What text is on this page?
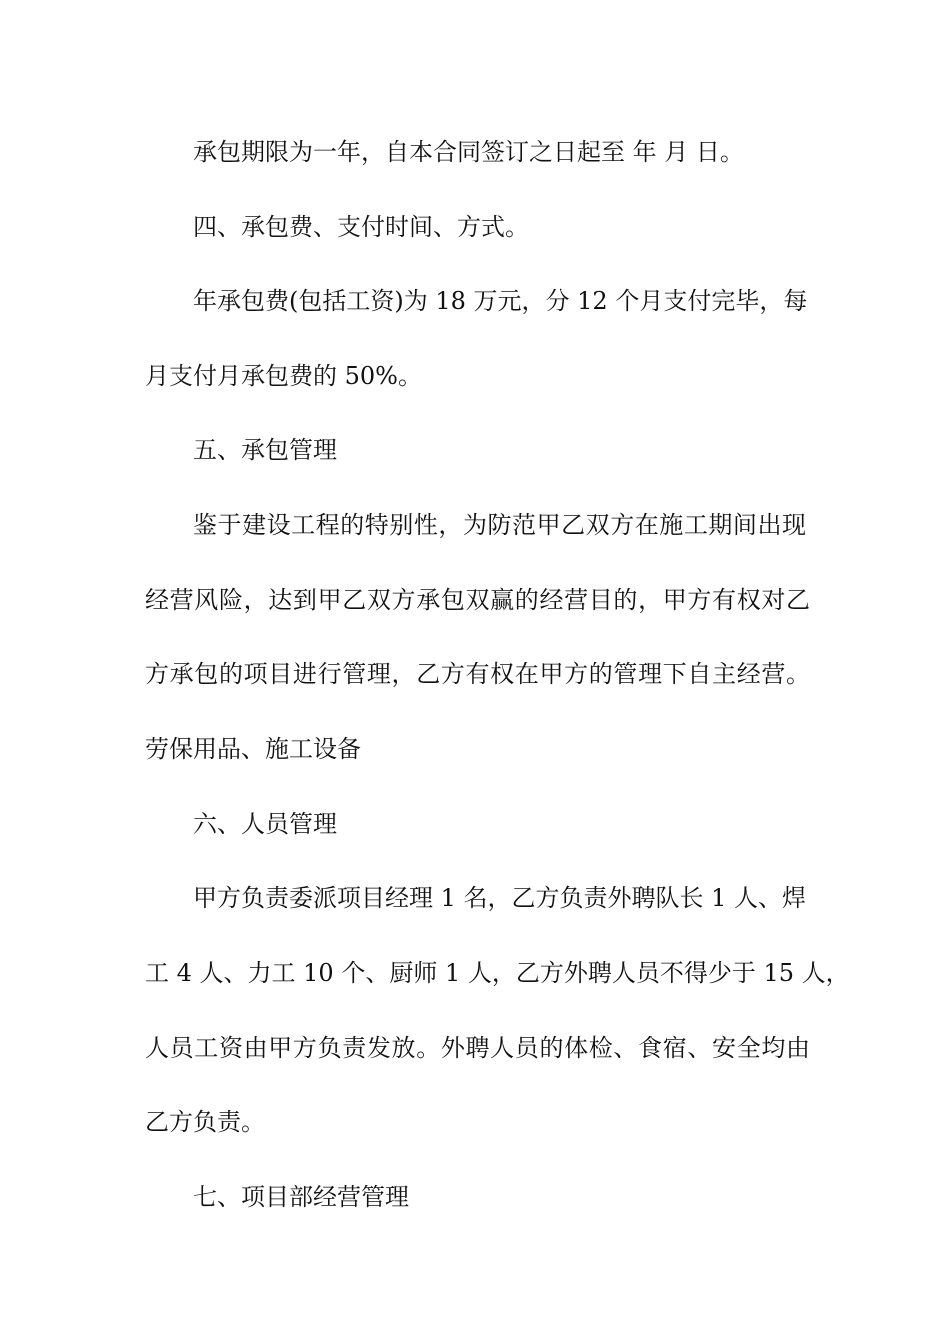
承包期限为一年，自本合同签订之日起至 年 月 日。
四、承包费、支付时间、方式。
年承包费(包括工资)为 18 万元，分 12 个月支付完毕，每
月支付月承包费的 50%。
五、承包管理
鉴于建设工程的特别性，为防范甲乙双方在施工期间出现
经营风险，达到甲乙双方承包双赢的经营目的，甲方有权对乙
方承包的项目进行管理，乙方有权在甲方的管理下自主经营。
劳保用品、施工设备
六、人员管理
甲方负责委派项目经理 1 名，乙方负责外聘队长 1 人、焊
工 4 人、力工 10 个、厨师 1 人，乙方外聘人员不得少于 15 人，
人员工资由甲方负责发放。外聘人员的体检、食宿、安全均由
乙方负责。
七、项目部经营管理
